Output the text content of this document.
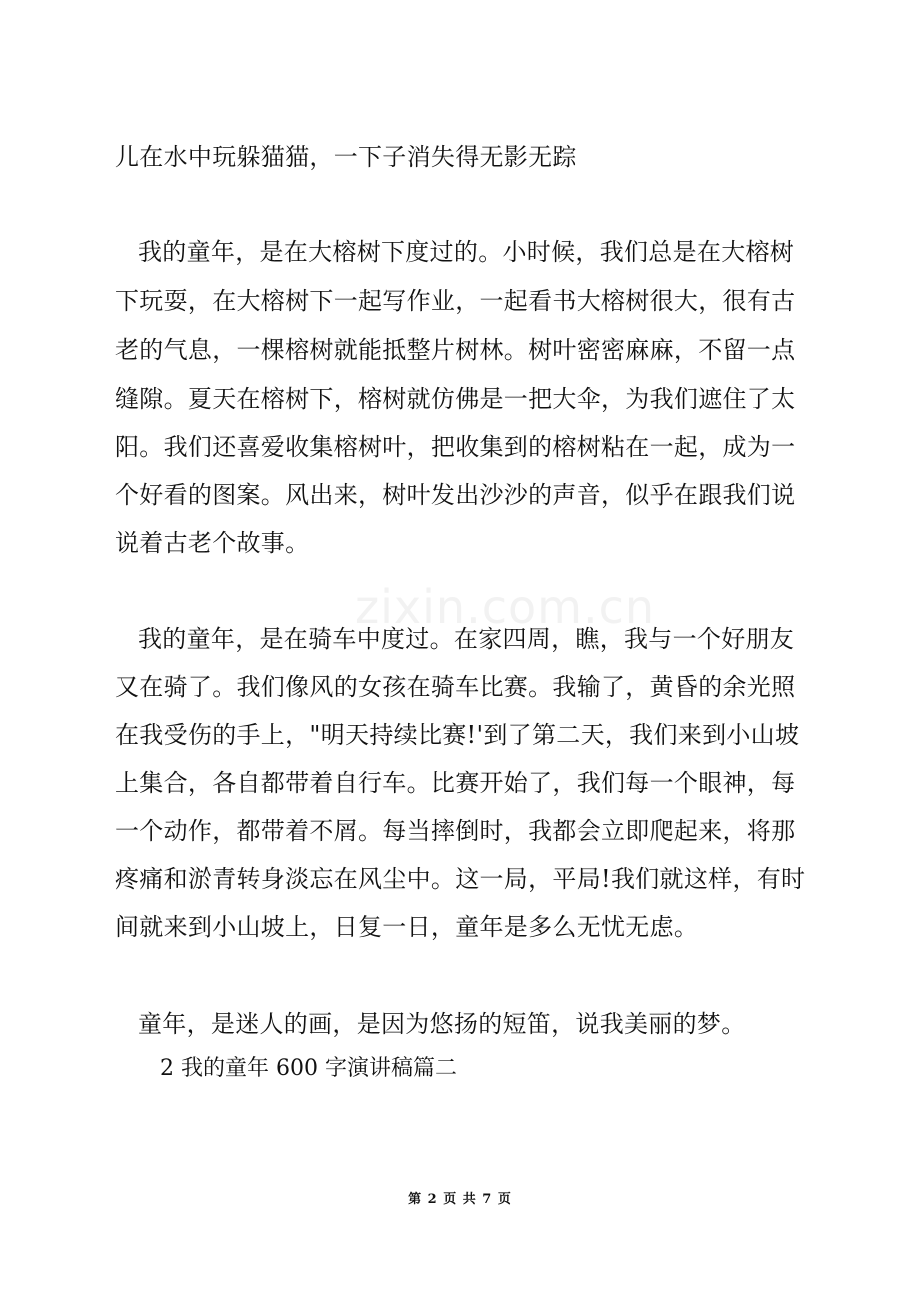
zixin.com.cn
儿在水中玩躲猫猫，一下子消失得无影无踪
我的童年，是在大榕树下度过的。小时候，我们总是在大榕树
下玩耍，在大榕树下一起写作业，一起看书大榕树很大，很有古
老的气息，一棵榕树就能抵整片树林。树叶密密麻麻，不留一点
缝隙。夏天在榕树下，榕树就仿佛是一把大伞，为我们遮住了太
阳。我们还喜爱收集榕树叶，把收集到的榕树粘在一起，成为一
个好看的图案。风出来，树叶发出沙沙的声音，似乎在跟我们说
说着古老个故事。
我的童年，是在骑车中度过。在家四周，瞧，我与一个好朋友
又在骑了。我们像风的女孩在骑车比赛。我输了，黄昏的余光照
在我受伤的手上，"明天持续比赛!'到了第二天，我们来到小山坡
上集合，各自都带着自行车。比赛开始了，我们每一个眼神，每
一个动作，都带着不屑。每当摔倒时，我都会立即爬起来，将那
疼痛和淤青转身淡忘在风尘中。这一局，平局!我们就这样，有时
间就来到小山坡上，日复一日，童年是多么无忧无虑。
童年，是迷人的画，是因为悠扬的短笛，说我美丽的梦。
2 我的童年 600 字演讲稿篇二
第 2 页 共 7 页
